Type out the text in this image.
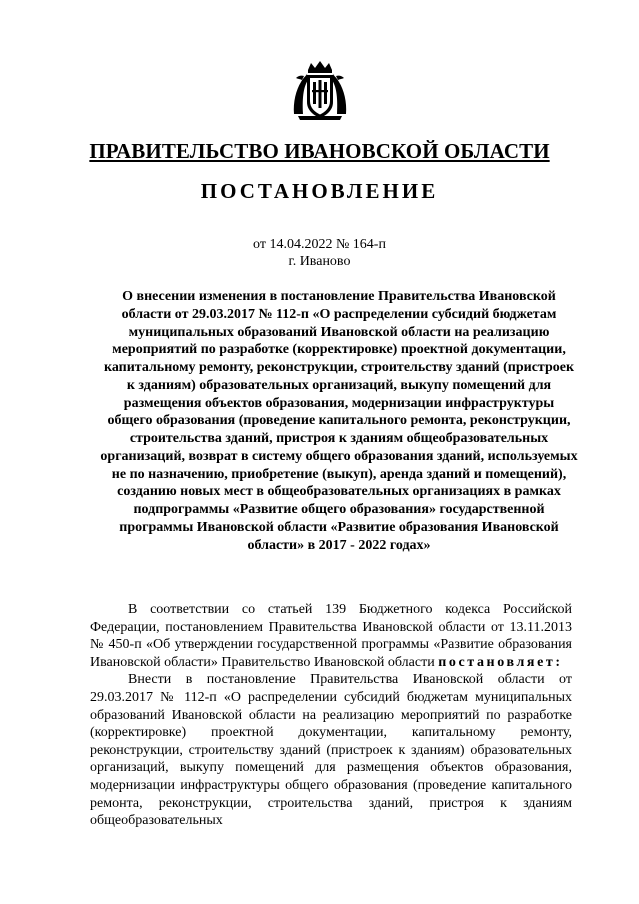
ПРАВИТЕЛЬСТВО ИВАНОВСКОЙ ОБЛАСТИ
ПОСТАНОВЛЕНИЕ
от 14.04.2022 № 164-п
г. Иваново
О внесении изменения в постановление Правительства Ивановской области от 29.03.2017 № 112-п «О распределении субсидий бюджетам муниципальных образований Ивановской области на реализацию мероприятий по разработке (корректировке) проектной документации, капитальному ремонту, реконструкции, строительству зданий (пристроек к зданиям) образовательных организаций, выкупу помещений для размещения объектов образования, модернизации инфраструктуры общего образования (проведение капитального ремонта, реконструкции, строительства зданий, пристроя к зданиям общеобразовательных организаций, возврат в систему общего образования зданий, используемых не по назначению, приобретение (выкуп), аренда зданий и помещений), созданию новых мест в общеобразовательных организациях в рамках подпрограммы «Развитие общего образования» государственной программы Ивановской области «Развитие образования Ивановской области» в 2017 - 2022 годах»

В соответствии со статьей 139 Бюджетного кодекса Российской Федерации, постановлением Правительства Ивановской области от 13.11.2013 № 450-п «Об утверждении государственной программы «Развитие образования Ивановской области» Правительство Ивановской области постановляет:

Внести в постановление Правительства Ивановской области от 29.03.2017 № 112-п «О распределении субсидий бюджетам муниципальных образований Ивановской области на реализацию мероприятий по разработке (корректировке) проектной документации, капитальному ремонту, реконструкции, строительству зданий (пристроек к зданиям) образовательных организаций, выкупу помещений для размещения объектов образования, модернизации инфраструктуры общего образования (проведение капитального ремонта, реконструкции, строительства зданий, пристроя к зданиям общеобразовательных
